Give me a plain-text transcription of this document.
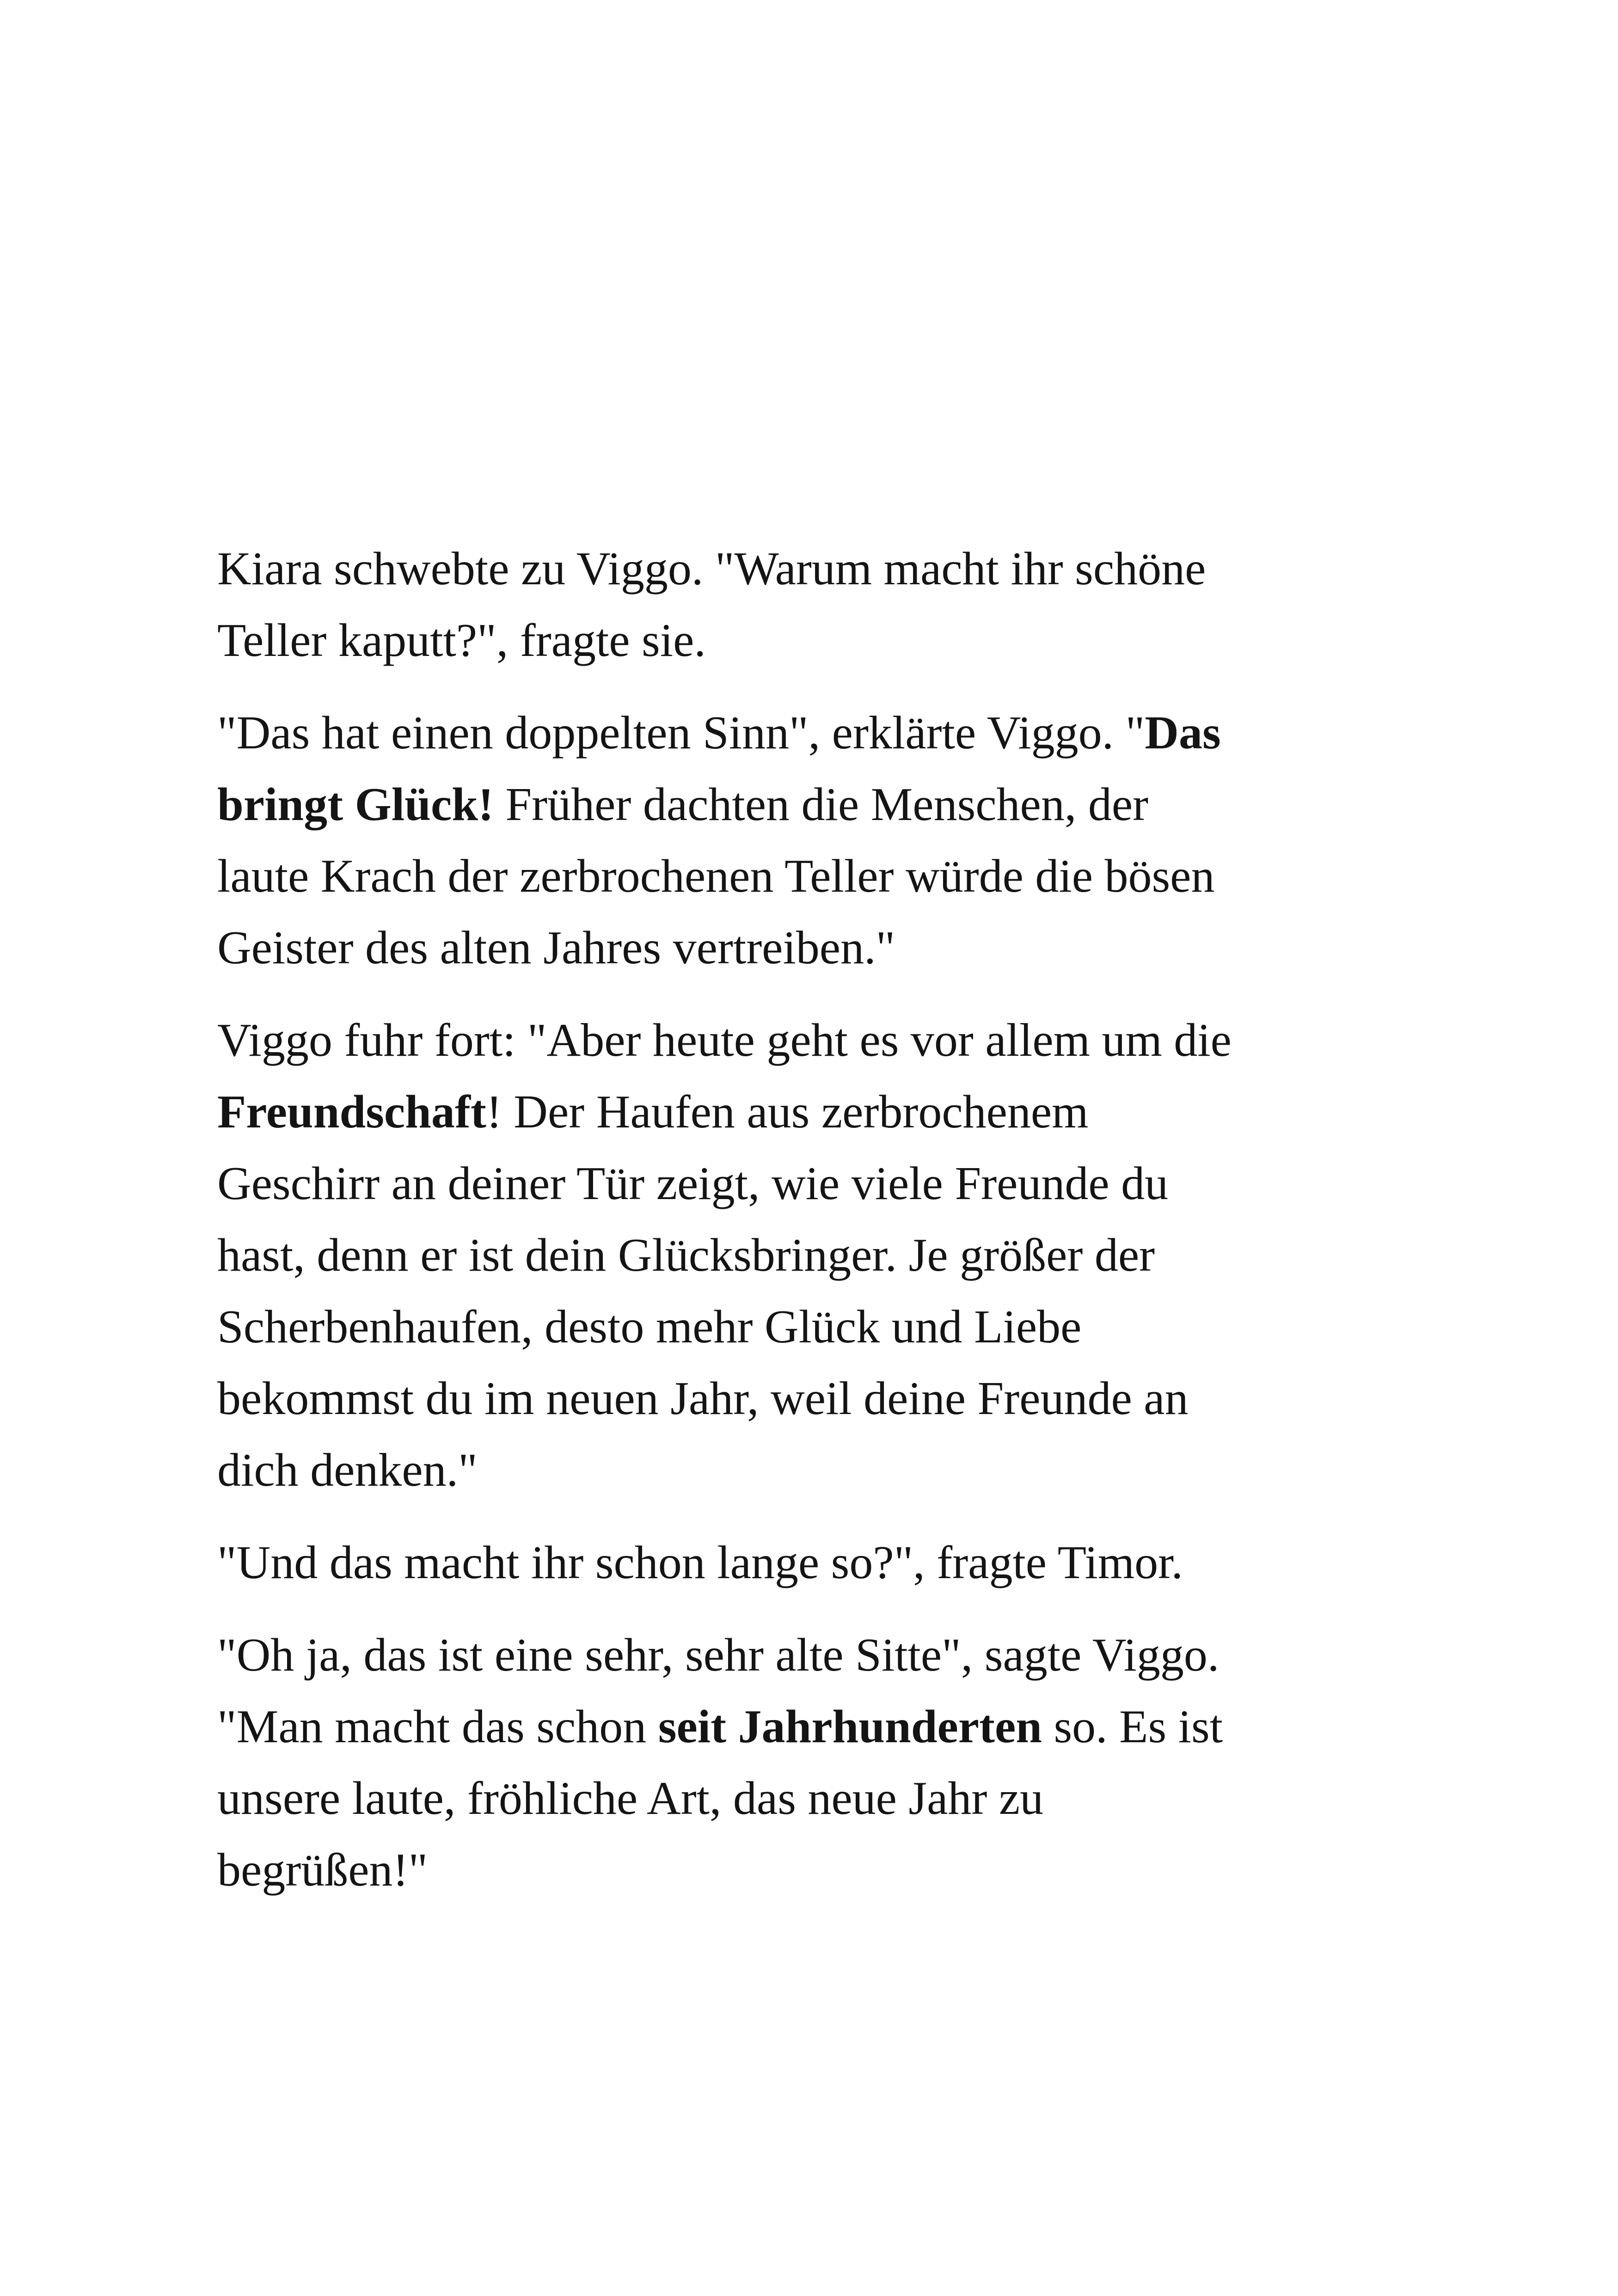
Kiara schwebte zu Viggo. "Warum macht ihr schöne
Teller kaputt?", fragte sie.

"Das hat einen doppelten Sinn", erklärte Viggo. "Das
bringt Glück! Früher dachten die Menschen, der
laute Krach der zerbrochenen Teller würde die bösen
Geister des alten Jahres vertreiben."

Viggo fuhr fort: "Aber heute geht es vor allem um die
Freundschaft! Der Haufen aus zerbrochenem
Geschirr an deiner Tür zeigt, wie viele Freunde du
hast, denn er ist dein Glücksbringer. Je größer der
Scherbenhaufen, desto mehr Glück und Liebe
bekommst du im neuen Jahr, weil deine Freunde an
dich denken."

"Und das macht ihr schon lange so?", fragte Timor.

"Oh ja, das ist eine sehr, sehr alte Sitte", sagte Viggo.
"Man macht das schon seit Jahrhunderten so. Es ist
unsere laute, fröhliche Art, das neue Jahr zu
begrüßen!"
